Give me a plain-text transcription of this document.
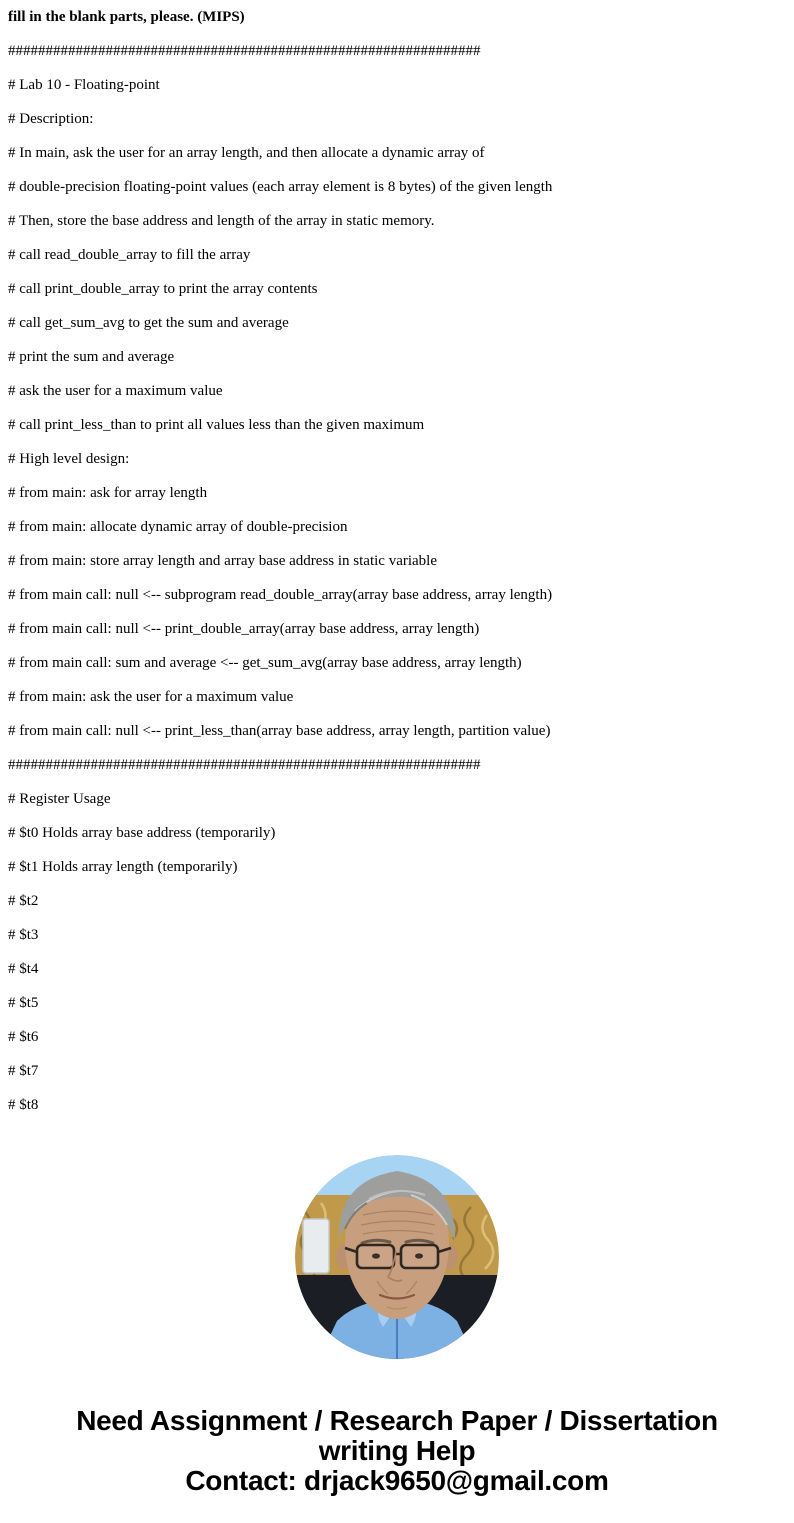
fill in the blank parts, please. (MIPS)

###############################################################

# Lab 10 - Floating-point

# Description:

# In main, ask the user for an array length, and then allocate a dynamic array of

# double-precision floating-point values (each array element is 8 bytes) of the given length

# Then, store the base address and length of the array in static memory.

# call read_double_array to fill the array

# call print_double_array to print the array contents

# call get_sum_avg to get the sum and average

# print the sum and average

# ask the user for a maximum value

# call print_less_than to print all values less than the given maximum

# High level design:

# from main: ask for array length

# from main: allocate dynamic array of double-precision

# from main: store array length and array base address in static variable

# from main call: null <-- subprogram read_double_array(array base address, array length)

# from main call: null <-- print_double_array(array base address, array length)

# from main call: sum and average <-- get_sum_avg(array base address, array length)

# from main: ask the user for a maximum value

# from main call: null <-- print_less_than(array base address, array length, partition value)

###############################################################

# Register Usage

# $t0 Holds array base address (temporarily)

# $t1 Holds array length (temporarily)

# $t2

# $t3

# $t4

# $t5

# $t6

# $t7

# $t8

Need Assignment / Research Paper / Dissertation
writing Help
Contact: drjack9650@gmail.com
